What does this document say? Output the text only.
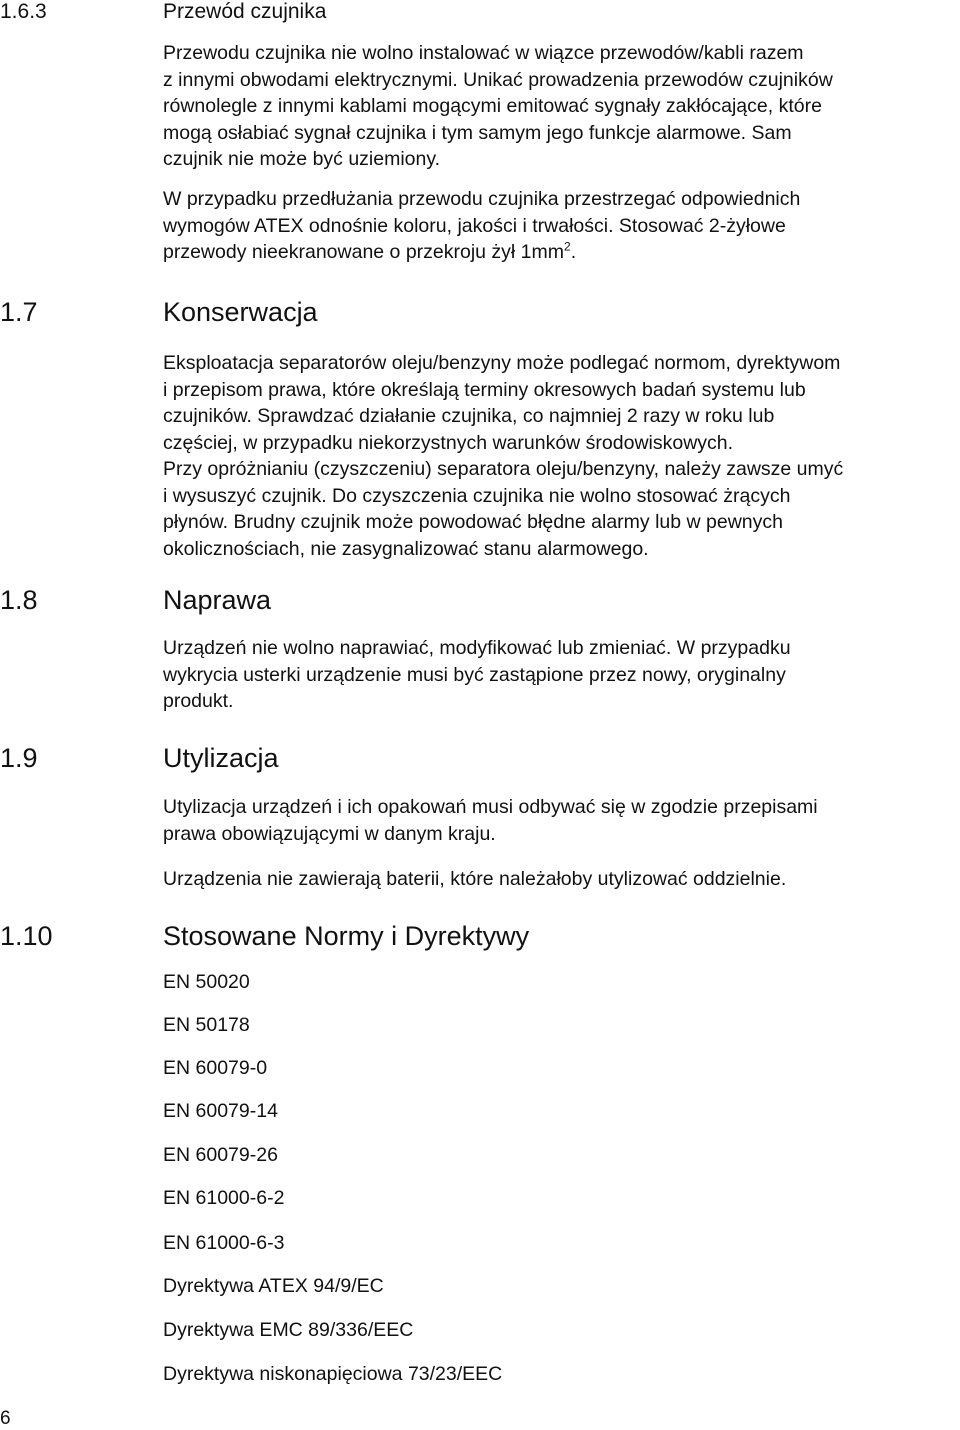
1.6.3	Przewód czujnika
Przewodu czujnika nie wolno instalować w wiązce przewodów/kabli razem
z innymi obwodami elektrycznymi. Unikać prowadzenia przewodów czujników
równolegle z innymi kablami mogącymi emitować sygnały zakłócające, które
mogą osłabiać sygnał czujnika i tym samym jego funkcje alarmowe. Sam
czujnik nie może być uziemiony.
W przypadku przedłużania przewodu czujnika przestrzegać odpowiednich
wymogów ATEX odnośnie koloru, jakości i trwałości. Stosować 2-żyłowe
przewody nieekranowane o przekroju żył $1mm^2$.
1.7	Konserwacja
Eksploatacja separatorów oleju/benzyny może podlegać normom, dyrektywom
i przepisom prawa, które określają terminy okresowych badań systemu lub
czujników. Sprawdzać działanie czujnika, co najmniej 2 razy w roku lub
częściej, w przypadku niekorzystnych warunków środowiskowych.
Przy opróżnianiu (czyszczeniu) separatora oleju/benzyny, należy zawsze umyć
i wysuszyć czujnik. Do czyszczenia czujnika nie wolno stosować żrących
płynów. Brudny czujnik może powodować błędne alarmy lub w pewnych
okolicznościach, nie zasygnalizować stanu alarmowego.
1.8	Naprawa
Urządzeń nie wolno naprawiać, modyfikować lub zmieniać. W przypadku
wykrycia usterki urządzenie musi być zastąpione przez nowy, oryginalny
produkt.
1.9	Utylizacja
Utylizacja urządzeń i ich opakowań musi odbywać się w zgodzie przepisami
prawa obowiązującymi w danym kraju.
Urządzenia nie zawierają baterii, które należałoby utylizować oddzielnie.
1.10	Stosowane Normy i Dyrektywy
EN 50020
EN 50178
EN 60079-0
EN 60079-14
EN 60079-26
EN 61000-6-2
EN 61000-6-3
Dyrektywa ATEX 94/9/EC
Dyrektywa EMC 89/336/EEC
Dyrektywa niskonapięciowa 73/23/EEC
6
